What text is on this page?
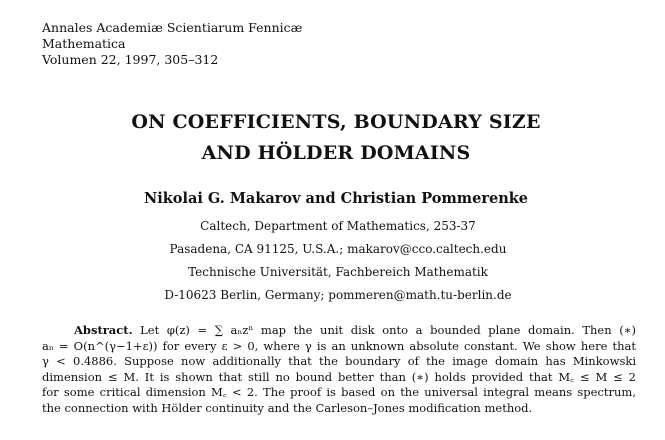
Annales Academiæ Scientiarum Fennicæ
Mathematica
Volumen 22, 1997, 305–312
ON COEFFICIENTS, BOUNDARY SIZE
AND HÖLDER DOMAINS
Nikolai G. Makarov and Christian Pommerenke
Caltech, Department of Mathematics, 253-37
Pasadena, CA 91125, U.S.A.; makarov@cco.caltech.edu
Technische Universität, Fachbereich Mathematik
D-10623 Berlin, Germany; pommeren@math.tu-berlin.de
Abstract. Let φ(z) = ∑ aₙzⁿ map the unit disk onto a bounded plane domain. Then (∗)
aₙ = O(n^(γ−1+ε)) for every ε > 0, where γ is an unknown absolute constant. We show here that
γ < 0.4886. Suppose now additionally that the boundary of the image domain has Minkowski
dimension ≤ M. It is shown that still no bound better than (∗) holds provided that M꜀ ≤ M ≤ 2
for some critical dimension M꜀ < 2. The proof is based on the universal integral means spectrum,
the connection with Hölder continuity and the Carleson–Jones modification method.
